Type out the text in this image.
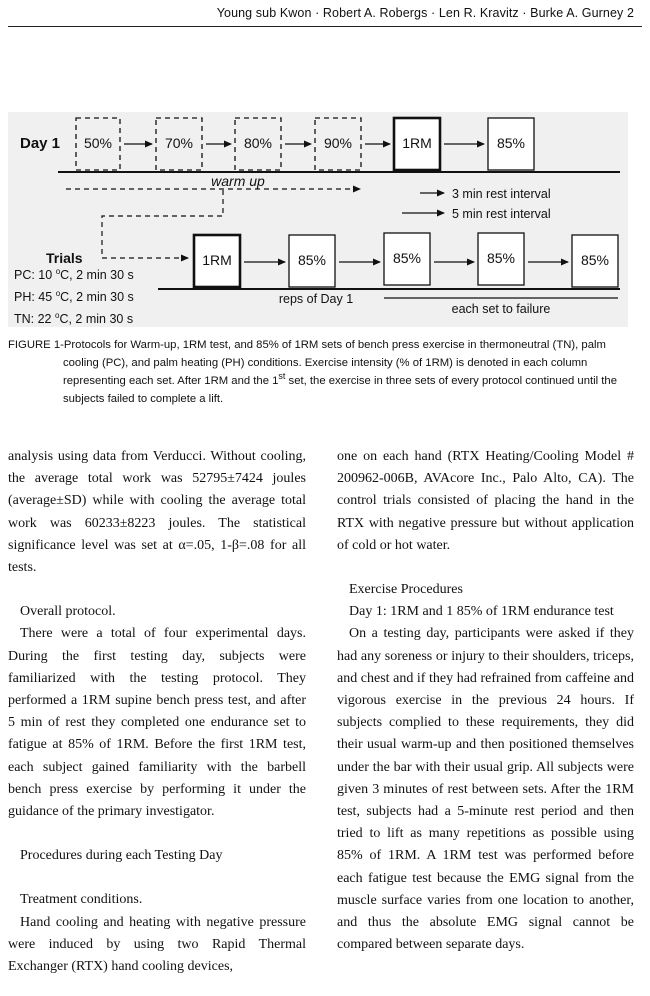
Young sub Kwon · Robert A. Robergs · Len R. Kravitz · Burke A. Gurney 2
Day 1 50%	70%	80%	90%	1RM	85%
warm up
3 min rest interval
5 min rest interval
Trials
PC: 10 $^o$C, 2 min 30 s
PH: 45 $^o$C, 2 min 30 s
TN: 22 $^o$C, 2 min 30 s
1RM	85%	85%	85%	85%
reps of Day 1
each set to failure
FIGURE 1-Protocols for Warm-up, 1RM test, and 85% of 1RM sets of bench press exercise in thermoneutral (TN), palm cooling (PC), and palm heating (PH) conditions. Exercise intensity (% of 1RM) is denoted in each column representing each set. After 1RM and the 1st set, the exercise in three sets of every protocol continued until the subjects failed to complete a lift.

analysis using data from Verducci. Without cooling, the average total work was 52795±7424 joules (average±SD) while with cooling the average total work was 60233±8223 joules. The statistical significance level was set at α=.05, 1-β=.08 for all tests.

Overall protocol.

There were a total of four experimental days. During the first testing day, subjects were familiarized with the testing protocol. They performed a 1RM supine bench press test, and after 5 min of rest they completed one endurance set to fatigue at 85% of 1RM. Before the first 1RM test, each subject gained familiarity with the barbell bench press exercise by performing it under the guidance of the primary investigator.

Procedures during each Testing Day

Treatment conditions.

Hand cooling and heating with negative pressure were induced by using two Rapid Thermal Exchanger (RTX) hand cooling devices,

one on each hand (RTX Heating/Cooling Model # 200962-006B, AVAcore Inc., Palo Alto, CA). The control trials consisted of placing the hand in the RTX with negative pressure but without application of cold or hot water.

Exercise Procedures

Day 1: 1RM and 1 85% of 1RM endurance test

On a testing day, participants were asked if they had any soreness or injury to their shoulders, triceps, and chest and if they had refrained from caffeine and vigorous exercise in the previous 24 hours. If subjects complied to these requirements, they did their usual warm-up and then positioned themselves under the bar with their usual grip. All subjects were given 3 minutes of rest between sets. After the 1RM test, subjects had a 5-minute rest period and then tried to lift as many repetitions as possible using 85% of 1RM. A 1RM test was performed before each fatigue test because the EMG signal from the muscle surface varies from one location to another, and thus the absolute EMG signal cannot be compared between separate days.
